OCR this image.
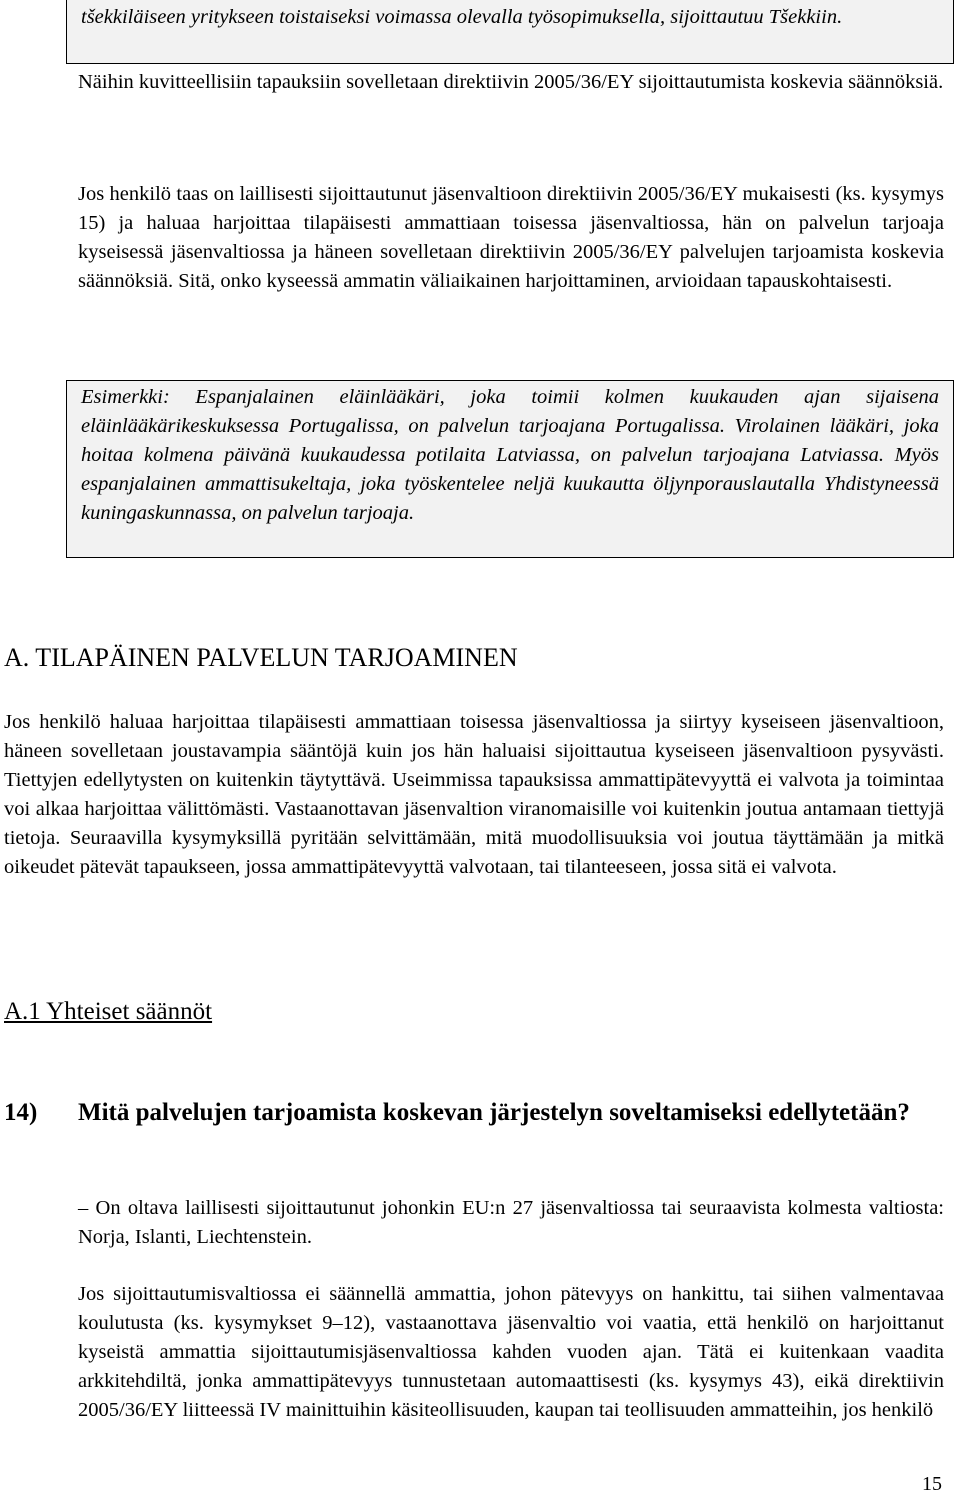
tšekkiläiseen yritykseen toistaiseksi voimassa olevalla työsopimuksella, sijoittautuu Tšekkiin.
Näihin kuvitteellisiin tapauksiin sovelletaan direktiivin 2005/36/EY sijoittautumista koskevia säännöksiä.
Jos henkilö taas on laillisesti sijoittautunut jäsenvaltioon direktiivin 2005/36/EY mukaisesti (ks. kysymys 15) ja haluaa harjoittaa tilapäisesti ammattiaan toisessa jäsenvaltiossa, hän on palvelun tarjoaja kyseisessä jäsenvaltiossa ja häneen sovelletaan direktiivin 2005/36/EY palvelujen tarjoamista koskevia säännöksiä. Sitä, onko kyseessä ammatin väliaikainen harjoittaminen, arvioidaan tapauskohtaisesti.
Esimerkki: Espanjalainen eläinlääkäri, joka toimii kolmen kuukauden ajan sijaisena eläinlääkärikeskuksessa Portugalissa, on palvelun tarjoajana Portugalissa. Virolainen lääkäri, joka hoitaa kolmena päivänä kuukaudessa potilaita Latviassa, on palvelun tarjoajana Latviassa. Myös espanjalainen ammattisukeltaja, joka työskentelee neljä kuukautta öljynporauslautalla Yhdistyneessä kuningaskunnassa, on palvelun tarjoaja.
A. TILAPÄINEN PALVELUN TARJOAMINEN
Jos henkilö haluaa harjoittaa tilapäisesti ammattiaan toisessa jäsenvaltiossa ja siirtyy kyseiseen jäsenvaltioon, häneen sovelletaan joustavampia sääntöjä kuin jos hän haluaisi sijoittautua kyseiseen jäsenvaltioon pysyvästi. Tiettyjen edellytysten on kuitenkin täytyttävä. Useimmissa tapauksissa ammattipätevyyttä ei valvota ja toimintaa voi alkaa harjoittaa välittömästi. Vastaanottavan jäsenvaltion viranomaisille voi kuitenkin joutua antamaan tiettyjä tietoja. Seuraavilla kysymyksillä pyritään selvittämään, mitä muodollisuuksia voi joutua täyttämään ja mitkä oikeudet pätevät tapaukseen, jossa ammattipätevyyttä valvotaan, tai tilanteeseen, jossa sitä ei valvota.
A.1 Yhteiset säännöt
14) Mitä palvelujen tarjoamista koskevan järjestelyn soveltamiseksi edellytetään?
– On oltava laillisesti sijoittautunut johonkin EU:n 27 jäsenvaltiossa tai seuraavista kolmesta valtiosta: Norja, Islanti, Liechtenstein.
Jos sijoittautumisvaltiossa ei säännellä ammattia, johon pätevyys on hankittu, tai siihen valmentavaa koulutusta (ks. kysymykset 9–12), vastaanottava jäsenvaltio voi vaatia, että henkilö on harjoittanut kyseistä ammattia sijoittautumisjäsenvaltiossa kahden vuoden ajan. Tätä ei kuitenkaan vaadita arkkitehdiltä, jonka ammattipätevyys tunnustetaan automaattisesti (ks. kysymys 43), eikä direktiivin 2005/36/EY liitteessä IV mainittuihin käsiteollisuuden, kaupan tai teollisuuden ammatteihin, jos henkilö
15
